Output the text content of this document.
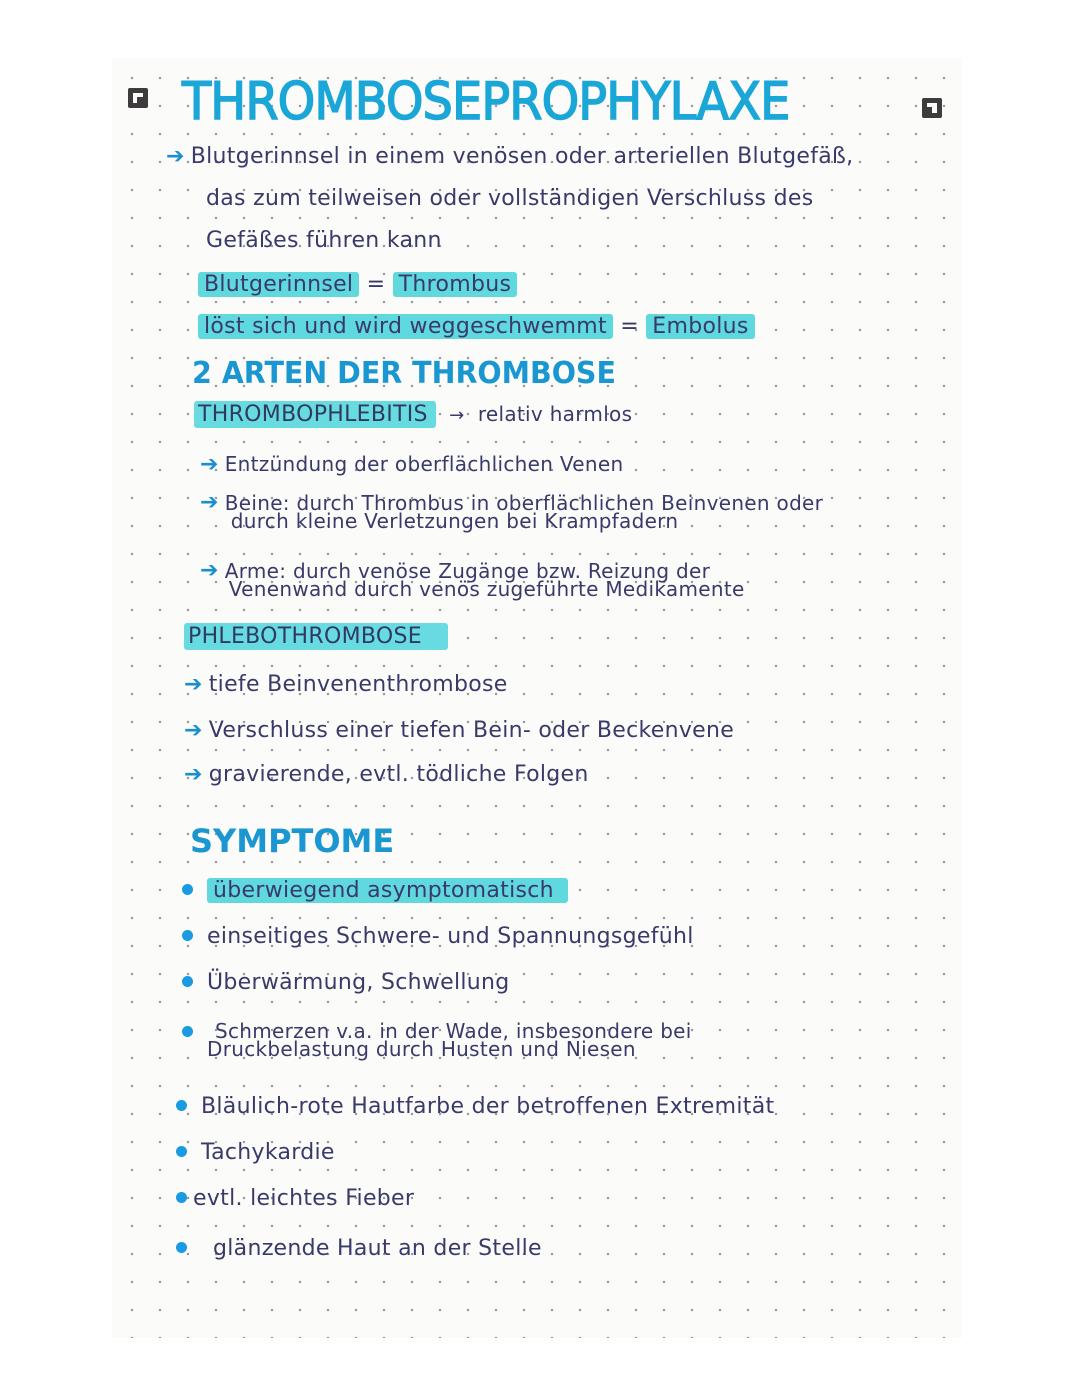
THROMBOSEPROPHYLAXE
➔ Blutgerinnsel in einem venösen oder arteriellen Blutgefäß,
das zum teilweisen oder vollständigen Verschluss des
Gefäßes führen kann
Blutgerinnsel = Thrombus
löst sich und wird weggeschwemmt = Embolus
2 ARTEN DER THROMBOSE
THROMBOPHLEBITIS → relativ harmlos
➔ Entzündung der oberflächlichen Venen
➔ Beine: durch Thrombus in oberflächlichen Beinvenen oder
durch kleine Verletzungen bei Krampfadern
➔ Arme: durch venöse Zugänge bzw. Reizung der
Venenwand durch venös zugeführte Medikamente
PHLEBOTHROMBOSE
➔ tiefe Beinvenenthrombose
➔ Verschluss einer tiefen Bein- oder Beckenvene
➔ gravierende, evtl. tödliche Folgen
SYMPTOME
überwiegend asymptomatisch
einseitiges Schwere- und Spannungsgefühl
Überwärmung, Schwellung
Schmerzen v.a. in der Wade, insbesondere bei
Druckbelastung durch Husten und Niesen
Bläulich-rote Hautfarbe der betroffenen Extremität
Tachykardie
evtl. leichtes Fieber
glänzende Haut an der Stelle
